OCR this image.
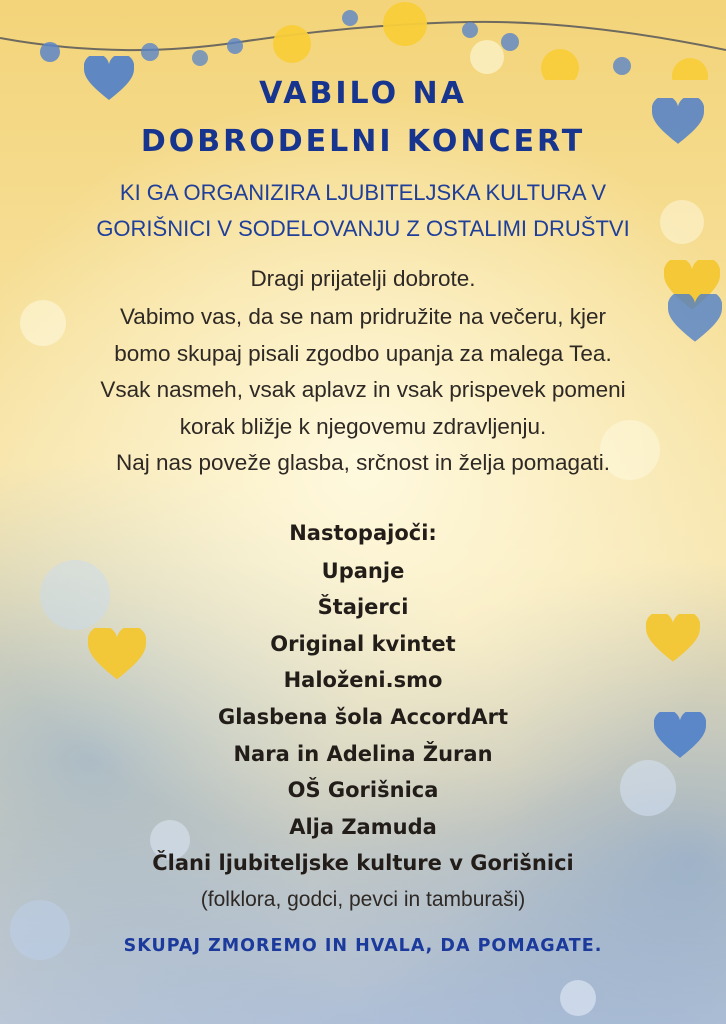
VABILO NA
DOBRODELNI KONCERT
KI GA ORGANIZIRA LJUBITELJSKA KULTURA V
GORIŠNICI V SODELOVANJU Z OSTALIMI DRUŠTVI
Dragi prijatelji dobrote.
Vabimo vas, da se nam pridružite na večeru, kjer
bomo skupaj pisali zgodbo upanja za malega Tea.
Vsak nasmeh, vsak aplavz in vsak prispevek pomeni
korak bližje k njegovemu zdravljenju.
Naj nas poveže glasba, srčnost in želja pomagati.
Nastopajoči:
Upanje
Štajerci
Original kvintet
Haloženi.smo
Glasbena šola AccordArt
Nara in Adelina Žuran
OŠ Gorišnica
Alja Zamuda
Člani ljubiteljske kulture v Gorišnici
(folklora, godci, pevci in tamburaši)
SKUPAJ ZMOREMO IN HVALA, DA POMAGATE.
